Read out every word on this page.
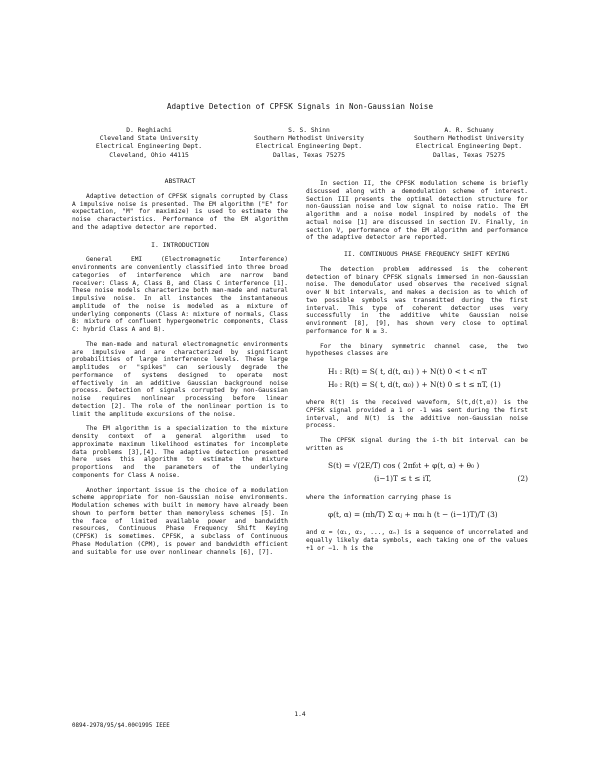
Adaptive Detection of CPFSK Signals in Non-Gaussian Noise
D. Reghiachi
Cleveland State University
Electrical Engineering Dept.
Cleveland, Ohio 44115
S. S. Shinn
Southern Methodist University
Electrical Engineering Dept.
Dallas, Texas 75275
A. R. Schuany
Southern Methodist University
Electrical Engineering Dept.
Dallas, Texas 75275
ABSTRACT

Adaptive detection of CPFSK signals corrupted by Class A impulsive noise is presented. The EM algorithm ("E" for expectation, "M" for maximize) is used to estimate the noise characteristics. Performance of the EM algorithm and the adaptive detector are reported.

I. INTRODUCTION

General EMI (Electromagnetic Interference) environments are conveniently classified into three broad categories of interference which are narrow band receiver: Class A, Class B, and Class C interference [1]. These noise models characterize both man-made and natural impulsive noise. In all instances the instantaneous amplitude of the noise is modeled as a mixture of underlying components (Class A: mixture of normals, Class B: mixture of confluent hypergeometric components, Class C: hybrid Class A and B).

The man-made and natural electromagnetic environments are impulsive and are characterized by significant probabilities of large interference levels. These large amplitudes or "spikes" can seriously degrade the performance of systems designed to operate most effectively in an additive Gaussian background noise process. Detection of signals corrupted by non-Gaussian noise requires nonlinear processing before linear detection [2]. The role of the nonlinear portion is to limit the amplitude excursions of the noise.

The EM algorithm is a specialization to the mixture density context of a general algorithm used to approximate maximum likelihood estimates for incomplete data problems [3],[4]. The adaptive detection presented here uses this algorithm to estimate the mixture proportions and the parameters of the underlying components for Class A noise.

Another important issue is the choice of a modulation scheme appropriate for non-Gaussian noise environments. Modulation schemes with built in memory have already been shown to perform better than memoryless schemes [5]. In the face of limited available power and bandwidth resources, Continuous Phase Frequency Shift Keying (CPFSK) is sometimes. CPFSK, a subclass of Continuous Phase Modulation (CPM), is power and bandwidth efficient and suitable for use over nonlinear channels [6], [7].

In section II, the CPFSK modulation scheme is briefly discussed along with a demodulation scheme of interest. Section III presents the optimal detection structure for non-Gaussian noise and low signal to noise ratio. The EM algorithm and a noise model inspired by models of the actual noise [1] are discussed in section IV. Finally, in section V, performance of the EM algorithm and performance of the adaptive detector are reported.

II. CONTINUOUS PHASE FREQUENCY SHIFT KEYING

The detection problem addressed is the coherent detection of binary CPFSK signals immersed in non-Gaussian noise. The demodulator used observes the received signal over N bit intervals, and makes a decision as to which of two possible symbols was transmitted during the first interval. This type of coherent detector uses very successfully in the additive white Gaussian noise environment [8], [9], has shown very close to optimal performance for N ≥ 3.

For the binary symmetric channel case, the two hypotheses classes are

H₁ : R(t) = S( t, d(t, α₁) ) + N(t) 0 < t < nT
H₀ : R(t) = S( t, d(t, α₀) ) + N(t) 0 ≤ t ≤ nT, (1)

where R(t) is the received waveform, S(t,d(t,α)) is the CPFSK signal provided a 1 or -1 was sent during the first interval, and N(t) is the additive non-Gaussian noise process.

The CPFSK signal during the i-th bit interval can be written as

S(t) = √(2E/T) cos ( 2πf₀t + φ(t, α) + θ₀ )
(i−1)T ≤ t ≤ iT,	(2)

where the information carrying phase is

φ(t, α) = (πh/T) Σ αⱼ + παᵢ h (t − (i−1)T)/T (3)

and α = (α₁, α₂, ..., αₙ) is a sequence of uncorrelated and equally likely data symbols, each taking one of the values +1 or −1. h is the

1.4
0894-2978/95/$4.00©1995 IEEE
